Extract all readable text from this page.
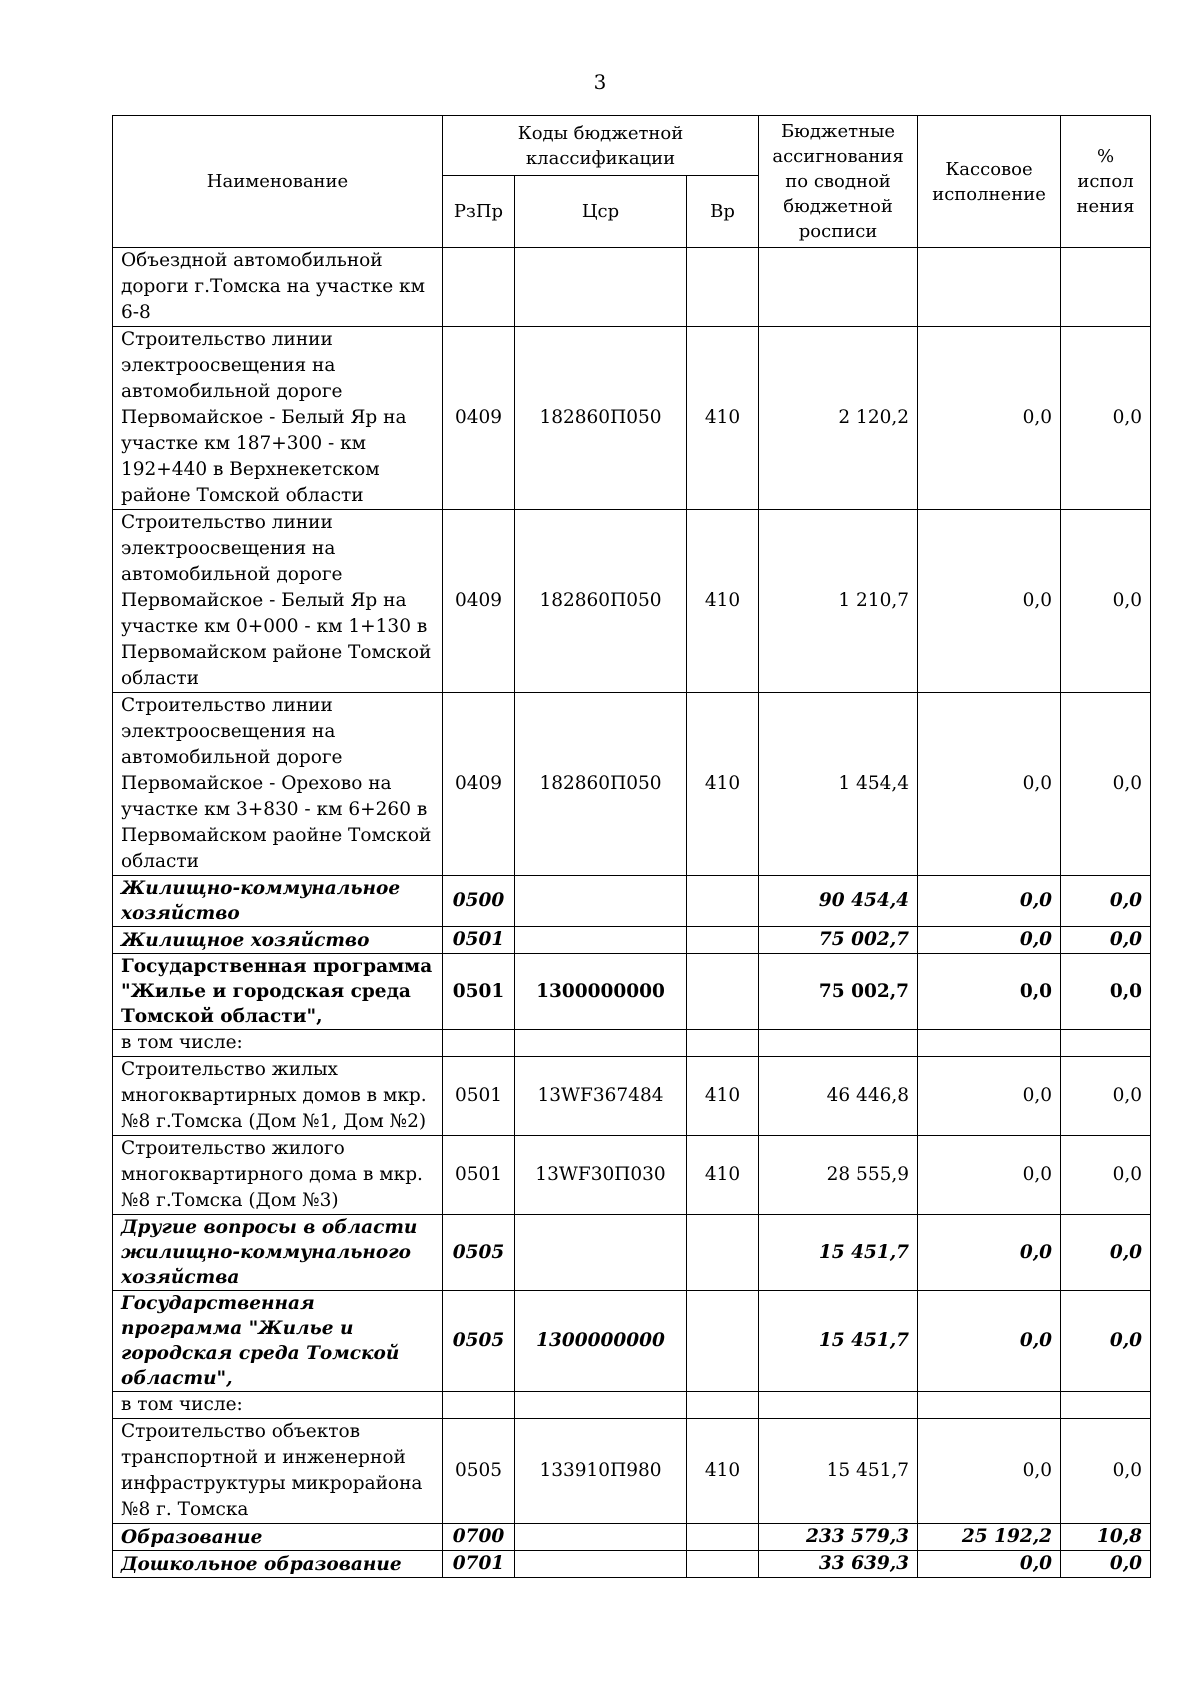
3
Наименование	Коды бюджетной классификации			Бюджетные ассигнования по сводной бюджетной росписи	Кассовое исполнение	% испол нения
	РзПр	Цср	Вр			
Объездной автомобильной дороги г.Томска на участке км 6-8						
Строительство линии электроосвещения на автомобильной дороге Первомайское - Белый Яр на участке км 187+300 - км 192+440 в Верхнекетском районе Томской области	0409	182860П050	410	2 120,2	0,0	0,0
Строительство линии электроосвещения на автомобильной дороге Первомайское - Белый Яр на участке км 0+000 - км 1+130 в Первомайском районе Томской области	0409	182860П050	410	1 210,7	0,0	0,0
Строительство линии электроосвещения на автомобильной дороге Первомайское - Орехово на участке км 3+830 - км 6+260 в Первомайском раойне Томской области	0409	182860П050	410	1 454,4	0,0	0,0
Жилищно-коммунальное хозяйство	0500			90 454,4	0,0	0,0
Жилищное хозяйство	0501			75 002,7	0,0	0,0
Государственная программа "Жилье и городская среда Томской области",	0501	1300000000		75 002,7	0,0	0,0
в том числе:						
Строительство жилых многоквартирных домов в мкр.№8 г.Томска (Дом №1, Дом №2)	0501	13WF367484	410	46 446,8	0,0	0,0
Строительство жилого многоквартирного дома в мкр.№8 г.Томска (Дом №3)	0501	13WF30П030	410	28 555,9	0,0	0,0
Другие вопросы в области жилищно-коммунального хозяйства	0505			15 451,7	0,0	0,0
Государственная программа "Жилье и городская среда Томской области",	0505	1300000000		15 451,7	0,0	0,0
в том числе:						
Строительство объектов транспортной и инженерной инфраструктуры микрорайона №8 г. Томска	0505	133910П980	410	15 451,7	0,0	0,0
Образование	0700			233 579,3	25 192,2	10,8
Дошкольное образование	0701			33 639,3	0,0	0,0
